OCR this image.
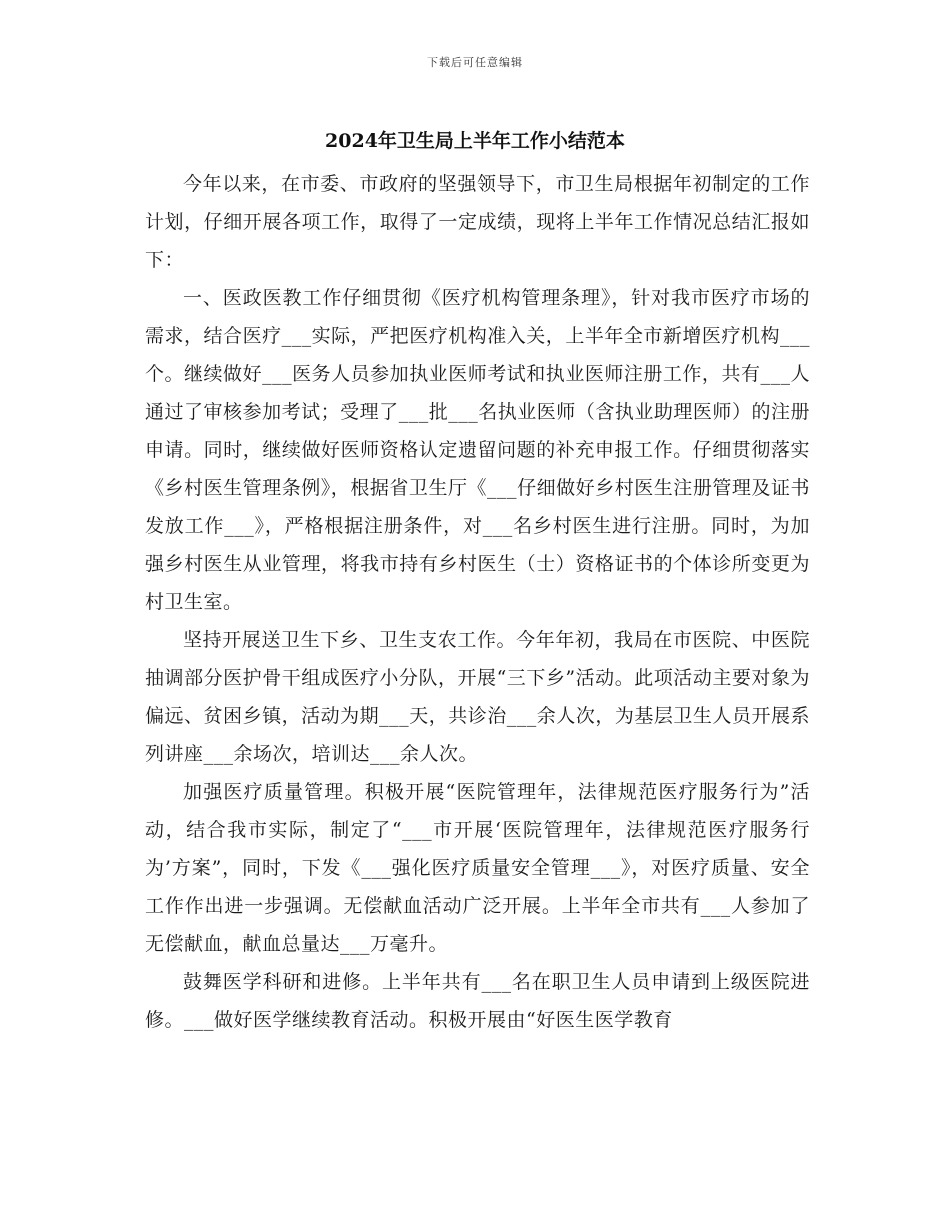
下载后可任意编辑
2024年卫生局上半年工作小结范本

今年以来，在市委、市政府的坚强领导下，市卫生局根据年初制定的工作计划，仔细开展各项工作，取得了一定成绩，现将上半年工作情况总结汇报如下：

一、医政医教工作仔细贯彻《医疗机构管理条理》，针对我市医疗市场的需求，结合医疗___实际，严把医疗机构准入关，上半年全市新增医疗机构___个。继续做好___医务人员参加执业医师考试和执业医师注册工作，共有___人通过了审核参加考试；受理了___批___名执业医师（含执业助理医师）的注册申请。同时，继续做好医师资格认定遗留问题的补充申报工作。仔细贯彻落实《乡村医生管理条例》，根据省卫生厅《___仔细做好乡村医生注册管理及证书发放工作___》，严格根据注册条件，对___名乡村医生进行注册。同时，为加强乡村医生从业管理，将我市持有乡村医生（士）资格证书的个体诊所变更为村卫生室。

坚持开展送卫生下乡、卫生支农工作。今年年初，我局在市医院、中医院抽调部分医护骨干组成医疗小分队，开展“三下乡”活动。此项活动主要对象为偏远、贫困乡镇，活动为期___天，共诊治___余人次，为基层卫生人员开展系列讲座___余场次，培训达___余人次。

加强医疗质量管理。积极开展“医院管理年，法律规范医疗服务行为”活动，结合我市实际，制定了“___市开展‘医院管理年，法律规范医疗服务行为’方案”，同时，下发《___强化医疗质量安全管理___》，对医疗质量、安全工作作出进一步强调。无偿献血活动广泛开展。上半年全市共有___人参加了无偿献血，献血总量达___万毫升。

鼓舞医学科研和进修。上半年共有___名在职卫生人员申请到上级医院进修。___做好医学继续教育活动。积极开展由“好医生医学教育
